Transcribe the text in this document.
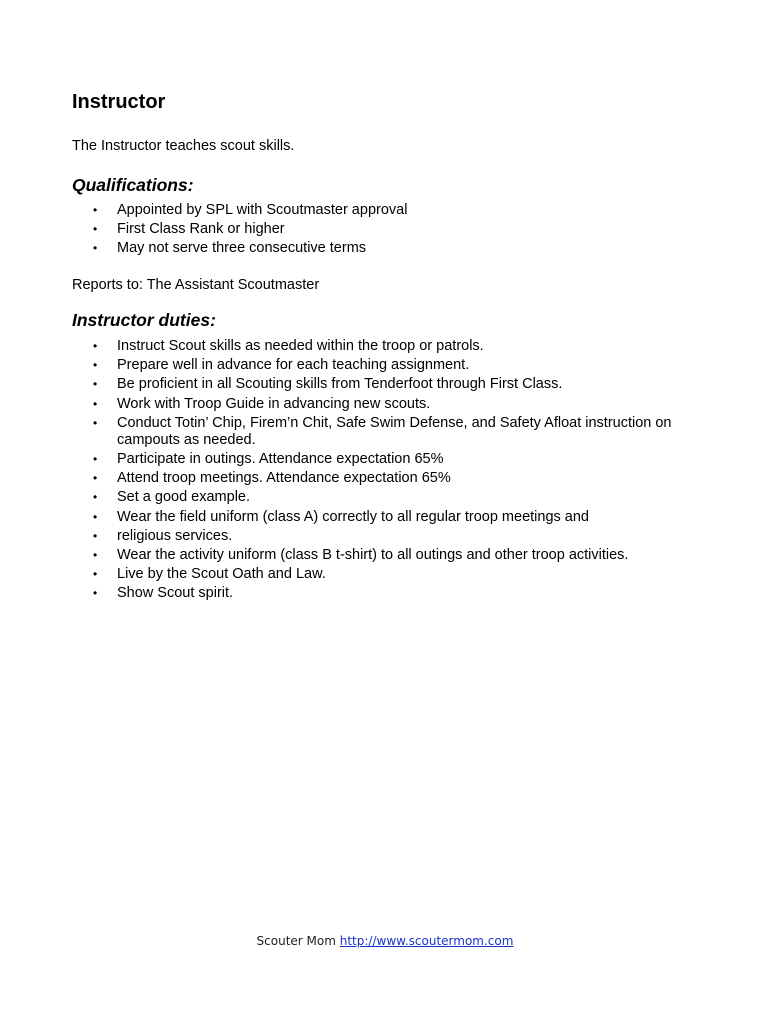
Instructor

The Instructor teaches scout skills.

Qualifications:
• Appointed by SPL with Scoutmaster approval
• First Class Rank or higher
• May not serve three consecutive terms

Reports to: The Assistant Scoutmaster

Instructor duties:
• Instruct Scout skills as needed within the troop or patrols.
• Prepare well in advance for each teaching assignment.
• Be proficient in all Scouting skills from Tenderfoot through First Class.
• Work with Troop Guide in advancing new scouts.
• Conduct Totin’ Chip, Firem’n Chit, Safe Swim Defense, and Safety Afloat instruction on campouts as needed.
• Participate in outings. Attendance expectation 65%
• Attend troop meetings. Attendance expectation 65%
• Set a good example.
• Wear the field uniform (class A) correctly to all regular troop meetings and
• religious services.
• Wear the activity uniform (class B t-shirt) to all outings and other troop activities.
• Live by the Scout Oath and Law.
• Show Scout spirit.
Scouter Mom http://www.scoutermom.com
